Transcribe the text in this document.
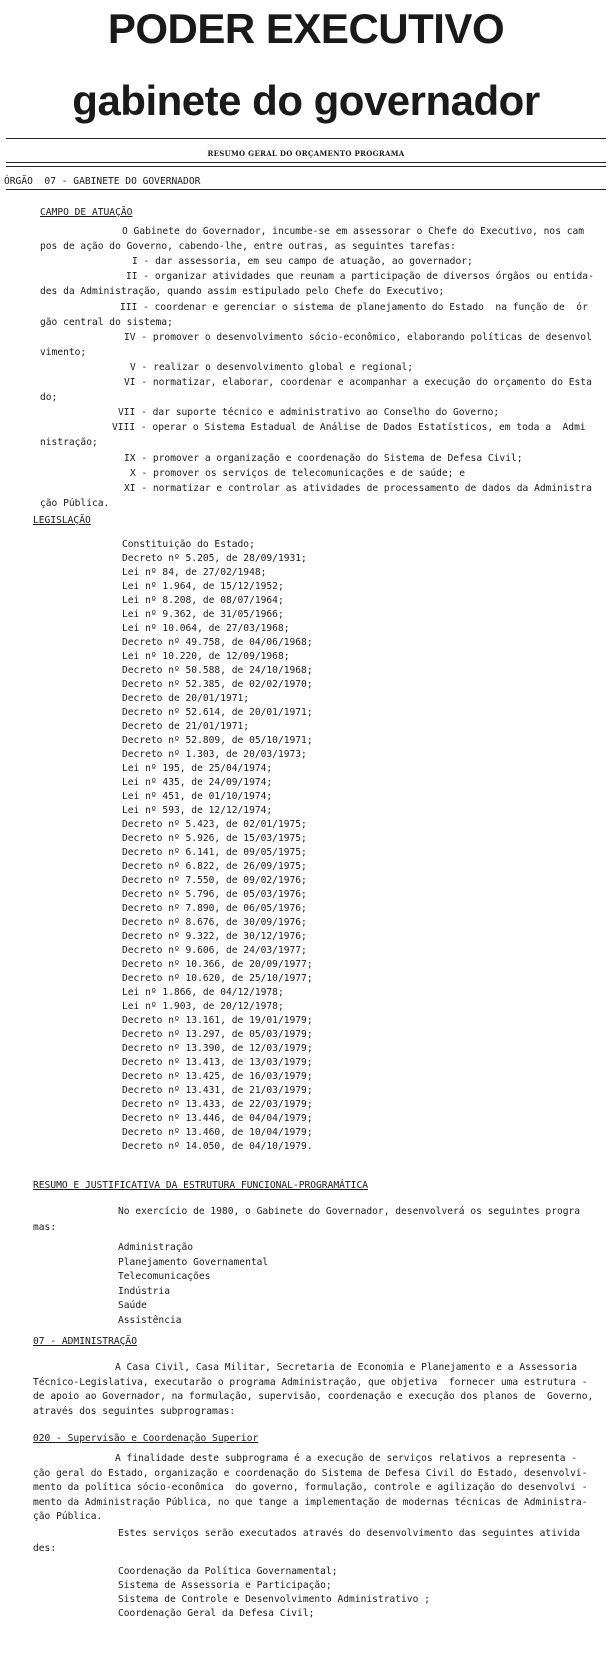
PODER EXECUTIVO
gabinete do governador
RESUMO GERAL DO ORÇAMENTO PROGRAMA
ÓRGÃO  07 - GABINETE DO GOVERNADOR
CAMPO DE ATUAÇÃO
O Gabinete do Governador, incumbe-se em assessorar o Chefe do Executivo, nos cam
pos de ação do Governo, cabendo-lhe, entre outras, as seguintes tarefas:
I - dar assessoria, em seu campo de atuação, ao governador;
II - organizar atividades que reunam a participação de diversos órgãos ou entida-
des da Administração, quando assim estipulado pelo Chefe do Executivo;
III - coordenar e gerenciar o sistema de planejamento do Estado  na função de  ór
gão central do sistema;
IV - promover o desenvolvimento sócio-econômico, elaborando políticas de desenvol
vimento;
V - realizar o desenvolvimento global e regional;
VI - normatizar, elaborar, coordenar e acompanhar a execução do orçamento do Esta
do;
VII - dar suporte técnico e administrativo ao Conselho do Governo;
VIII - operar o Sistema Estadual de Análise de Dados Estatísticos, em toda a  Admi
nistração;
IX - promover a organização e coordenação do Sistema de Defesa Civil;
X - promover os serviços de telecomunicações e de saúde; e
XI - normatizar e controlar as atividades de processamento de dados da Administra
ção Pública.
LEGISLAÇÃO
Constituição do Estado;
Decreto nº 5.205, de 28/09/1931;
Lei nº 84, de 27/02/1948;
Lei nº 1.964, de 15/12/1952;
Lei nº 8.208, de 08/07/1964;
Lei nº 9.362, de 31/05/1966;
Lei nº 10.064, de 27/03/1968;
Decreto nº 49.758, de 04/06/1968;
Lei nº 10.220, de 12/09/1968;
Decreto nº 50.588, de 24/10/1968;
Decreto nº 52.385, de 02/02/1970;
Decreto de 20/01/1971;
Decreto nº 52.614, de 20/01/1971;
Decreto de 21/01/1971;
Decreto nº 52.809, de 05/10/1971;
Decreto nº 1.303, de 20/03/1973;
Lei nº 195, de 25/04/1974;
Lei nº 435, de 24/09/1974;
Lei nº 451, de 01/10/1974;
Lei nº 593, de 12/12/1974;
Decreto nº 5.423, de 02/01/1975;
Decreto nº 5.926, de 15/03/1975;
Decreto nº 6.141, de 09/05/1975;
Decreto nº 6.822, de 26/09/1975;
Decreto nº 7.550, de 09/02/1976;
Decreto nº 5.796, de 05/03/1976;
Decreto nº 7.890, de 06/05/1976;
Decreto nº 8.676, de 30/09/1976;
Decreto nº 9.322, de 30/12/1976;
Decreto nº 9.606, de 24/03/1977;
Decreto nº 10.366, de 20/09/1977;
Decreto nº 10.620, de 25/10/1977;
Lei nº 1.866, de 04/12/1978;
Lei nº 1.903, de 20/12/1978;
Decreto nº 13.161, de 19/01/1979;
Decreto nº 13.297, de 05/03/1979;
Decreto nº 13.390, de 12/03/1979;
Decreto nº 13.413, de 13/03/1979;
Decreto nº 13.425, de 16/03/1979;
Decreto nº 13.431, de 21/03/1979;
Decreto nº 13.433, de 22/03/1979;
Decreto nº 13.446, de 04/04/1979;
Decreto nº 13.460, de 10/04/1979;
Decreto nº 14.050, de 04/10/1979.
RESUMO E JUSTIFICATIVA DA ESTRUTURA FUNCIONAL-PROGRAMÁTICA
No exercício de 1980, o Gabinete do Governador, desenvolverá os seguintes progra
mas:
Administração
Planejamento Governamental
Telecomunicações
Indústria
Saúde
Assistência
07 - ADMINISTRAÇÃO
A Casa Civil, Casa Militar, Secretaria de Economia e Planejamento e a Assessoria
Técnico-Legislativa, executarão o programa Administração, que objetiva  fornecer uma estrutura -
de apoio ao Governador, na formulação, supervisão, coordenação e execução dos planos de  Governo,
através dos seguintes subprogramas:
020 - Supervisão e Coordenação Superior
A finalidade deste subprograma é a execução de serviços relativos a representa -
ção geral do Estado, organização e coordenação do Sistema de Defesa Civil do Estado, desenvolvi-
mento da política sócio-econômica  do governo, formulação, controle e agilização do desenvolvi -
mento da Administração Pública, no que tange a implementação de modernas técnicas de Administra-
ção Pública.
Estes serviços serão executados através do desenvolvimento das seguintes ativida
des:
Coordenação da Política Governamental;
Sistema de Assessoria e Participação;
Sistema de Controle e Desenvolvimento Administrativo ;
Coordenação Geral da Defesa Civil;
